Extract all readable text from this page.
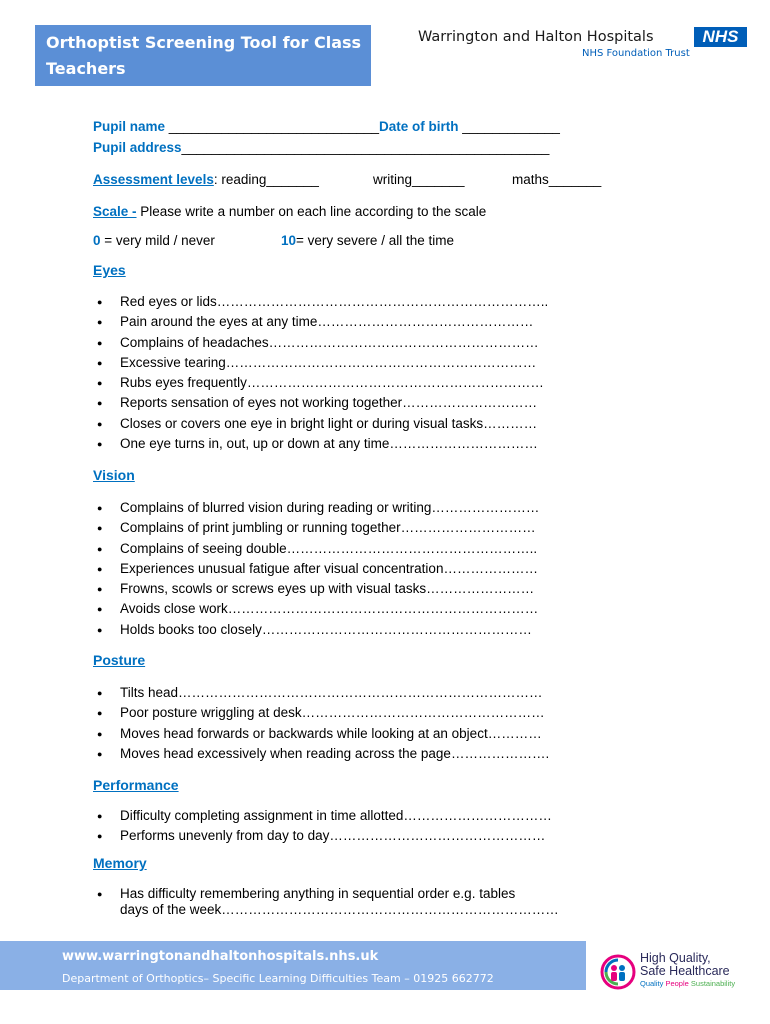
Orthoptist Screening Tool for Class
Teachers
Warrington and Halton Hospitals	NHS
NHS Foundation Trust
Pupil name ____________________________Date of birth _____________
Pupil address_________________________________________________
Assessment levels: reading_______	writing_______	maths_______
Scale - Please write a number on each line according to the scale
0 = very mild / never	10= very severe / all the time
Eyes
● Red eyes or lids………………………………………………………………..
● Pain around the eyes at any time…………………………………………
● Complains of headaches……………………………………………………
● Excessive tearing……………………………………………………………
● Rubs eyes frequently…………………………………………………………
● Reports sensation of eyes not working together…………………………
● Closes or covers one eye in bright light or during visual tasks…………
● One eye turns in, out, up or down at any time……………………………
Vision
● Complains of blurred vision during reading or writing……………………
● Complains of print jumbling or running together…………………………
● Complains of seeing double………………………………………………..
● Experiences unusual fatigue after visual concentration…………………
● Frowns, scowls or screws eyes up with visual tasks……………………
● Avoids close work……………………………………………………………
● Holds books too closely……………………………………………………
Posture
● Tilts head………………………………………………………………………
● Poor posture wriggling at desk………………………………………………
● Moves head forwards or backwards while looking at an object…………
● Moves head excessively when reading across the page………………….
Performance
● Difficulty completing assignment in time allotted……………………………
● Performs unevenly from day to day…………………………………………
Memory
● Has difficulty remembering anything in sequential order e.g. tables
days of the week…………………………………………………………………
www.warringtonandhaltonhospitals.nhs.uk
Department of Orthoptics– Specific Learning Difficulties Team – 01925 662772
High Quality,
Safe Healthcare
Quality People Sustainability
